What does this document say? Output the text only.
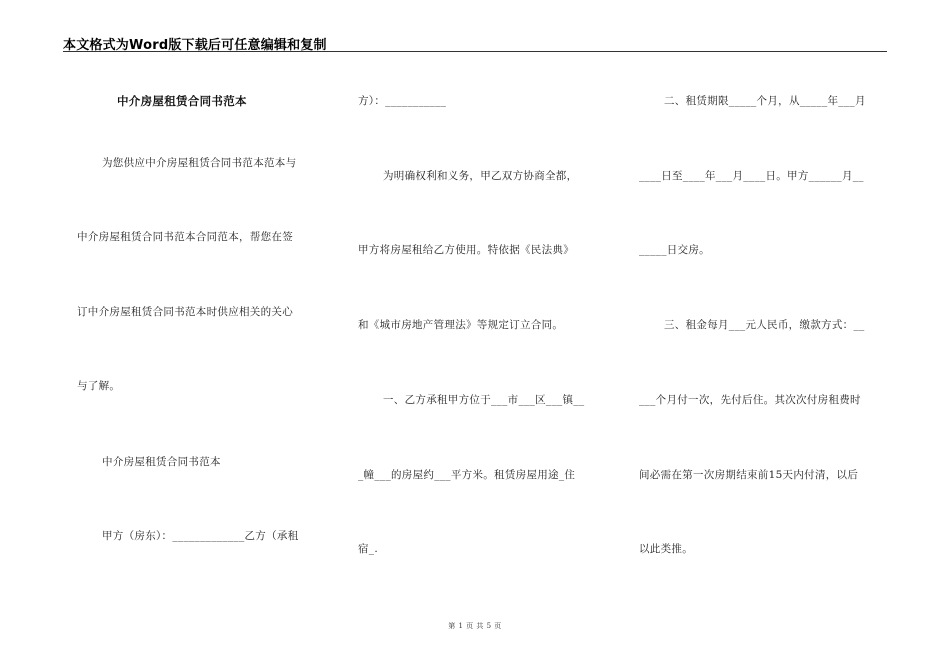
本文格式为Word版下载后可任意编辑和复制
中介房屋租赁合同书范本
为您供应中介房屋租赁合同书范本范本与
中介房屋租赁合同书范本合同范本，帮您在签
订中介房屋租赁合同书范本时供应相关的关心
与了解。
中介房屋租赁合同书范本
甲方（房东）：_____________乙方（承租
方）：___________
为明确权利和义务，甲乙双方协商全都，
甲方将房屋租给乙方使用。特依据《民法典》
和《城市房地产管理法》等规定订立合同。
一、乙方承租甲方位于___市___区___镇__
_幢___的房屋约___平方米。租赁房屋用途_住
宿_.
二、租赁期限_____个月，从_____年___月
____日至____年___月____日。甲方______月__
_____日交房。
三、租金每月___元人民币，缴款方式：__
___个月付一次，先付后住。其次次付房租费时
间必需在第一次房期结束前15天内付清，以后
以此类推。
第 1 页 共 5 页
